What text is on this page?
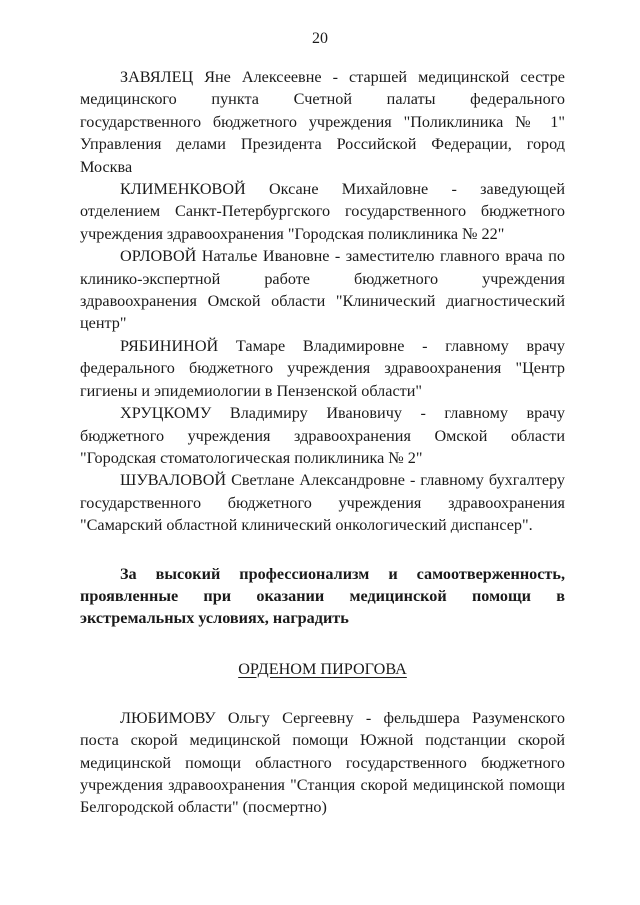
20

ЗАВЯЛЕЦ Яне Алексеевне - старшей медицинской сестре медицинского пункта Счетной палаты федерального государственного бюджетного учреждения "Поликлиника № 1" Управления делами Президента Российской Федерации, город Москва

КЛИМЕНКОВОЙ Оксане Михайловне - заведующей отделением Санкт-Петербургского государственного бюджетного учреждения здравоохранения "Городская поликлиника № 22"

ОРЛОВОЙ Наталье Ивановне - заместителю главного врача по клинико-экспертной работе бюджетного учреждения здравоохранения Омской области "Клинический диагностический центр"

РЯБИНИНОЙ Тамаре Владимировне - главному врачу федерального бюджетного учреждения здравоохранения "Центр гигиены и эпидемиологии в Пензенской области"

ХРУЦКОМУ Владимиру Ивановичу - главному врачу бюджетного учреждения здравоохранения Омской области "Городская стоматологическая поликлиника № 2"

ШУВАЛОВОЙ Светлане Александровне - главному бухгалтеру государственного бюджетного учреждения здравоохранения "Самарский областной клинический онкологический диспансер".

За высокий профессионализм и самоотверженность, проявленные при оказании медицинской помощи в экстремальных условиях, наградить

ОРДЕНОМ ПИРОГОВА

ЛЮБИМОВУ Ольгу Сергеевну - фельдшера Разуменского поста скорой медицинской помощи Южной подстанции скорой медицинской помощи областного государственного бюджетного учреждения здравоохранения "Станция скорой медицинской помощи Белгородской области" (посмертно)
